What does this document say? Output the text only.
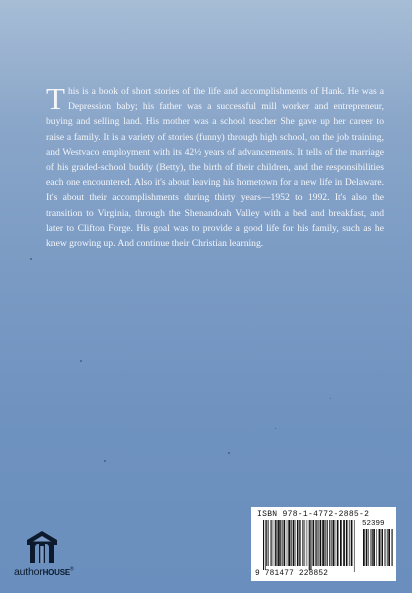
This is a book of short stories of the life and accomplishments of Hank. He was a Depression baby; his father was a successful mill worker and entrepreneur, buying and selling land. His mother was a school teacher She gave up her career to raise a family. It is a variety of stories (funny) through high school, on the job training, and Westvaco employment with its 42½ years of advancements. It tells of the marriage of his graded-school buddy (Betty), the birth of their children, and the responsibilities each one encountered. Also it's about leaving his hometown for a new life in Delaware. It's about their accomplishments during thirty years—1952 to 1992. It's also the transition to Virginia, through the Shenandoah Valley with a bed and breakfast, and later to Clifton Forge. His goal was to provide a good life for his family, such as he knew growing up. And continue their Christian learning.

authorHOUSE®
ISBN 978-1-4772-2885-2
52399
9 781477 228852
